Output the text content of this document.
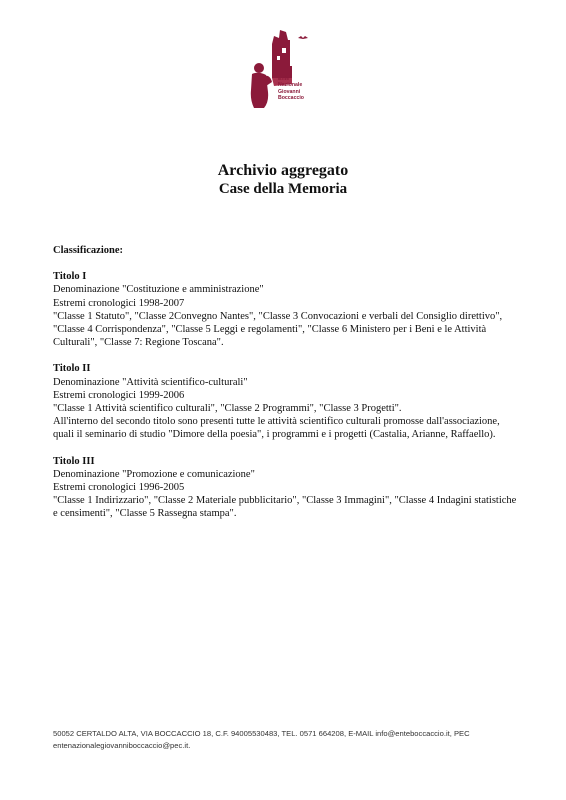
Ente
Nazionale
Giovanni
Boccaccio
Archivio aggregato
Case della Memoria

Classificazione:

Titolo I

Denominazione "Costituzione e amministrazione"

Estremi cronologici 1998-2007

"Classe 1 Statuto", "Classe 2Convegno Nantes", "Classe 3 Convocazioni e verbali del Consiglio direttivo", "Classe 4 Corrispondenza", "Classe 5 Leggi e regolamenti", "Classe 6 Ministero per i Beni e le Attività Culturali", "Classe 7: Regione Toscana".

Titolo II

Denominazione "Attività scientifico-culturali"

Estremi cronologici 1999-2006

"Classe 1 Attività scientifico culturali", "Classe 2 Programmi", "Classe 3 Progetti".

All'interno del secondo titolo sono presenti tutte le attività scientifico culturali promosse dall'associazione, quali il seminario di studio "Dimore della poesia", i programmi e i progetti (Castalia, Arianne, Raffaello).

Titolo III

Denominazione "Promozione e comunicazione"

Estremi cronologici 1996-2005

"Classe 1 Indirizzario", "Classe 2 Materiale pubblicitario", "Classe 3 Immagini", "Classe 4 Indagini statistiche e censimenti", "Classe 5 Rassegna stampa".

50052 CERTALDO ALTA, VIA BOCCACCIO 18, C.F. 94005530483, TEL. 0571 664208, E-MAIL info@enteboccaccio.it, PEC
entenazionalegiovanniboccaccio@pec.it.
